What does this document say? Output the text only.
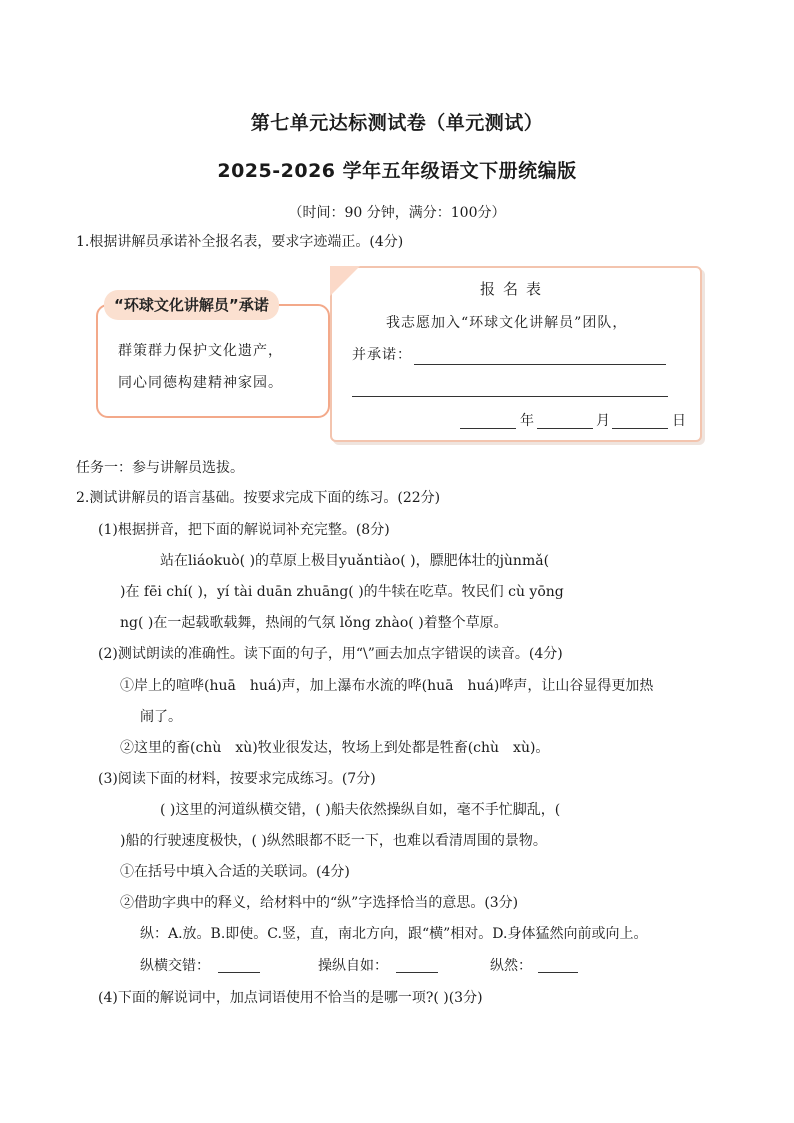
第七单元达标测试卷（单元测试）
2025-2026 学年五年级语文下册统编版
（时间：90 分钟，满分：100分）
1.根据讲解员承诺补全报名表，要求字迹端正。(4分)
“环球文化讲解员”承诺
群策群力保护文化遗产，
同心同德构建精神家园。
报名表
我志愿加入“环球文化讲解员”团队，
并承诺：
年	月	日
任务一：参与讲解员选拔。
2.测试讲解员的语言基础。按要求完成下面的练习。(22分)
(1)根据拼音，把下面的解说词补充完整。(8分)
站在liáokuò( )的草原上极目yuǎntiào( )，膘肥体壮的jùnmǎ(
)在 fēi chí( )，yí tài duān zhuāng( )的牛犊在吃草。牧民们 cù yōng
ng( )在一起载歌载舞，热闹的气氛 lǒng zhào( )着整个草原。
(2)测试朗读的准确性。读下面的句子，用“\”画去加点字错误的读音。(4分)
①岸上的喧哗(huā　huá)声，加上瀑布水流的哗(huā　huá)哗声，让山谷显得更加热
闹了。
②这里的畜(chù　xù)牧业很发达，牧场上到处都是牲畜(chù　xù)。
(3)阅读下面的材料，按要求完成练习。(7分)
( )这里的河道纵横交错，( )船夫依然操纵自如，毫不手忙脚乱，(
)船的行驶速度极快，( )纵然眼都不眨一下，也难以看清周围的景物。
①在括号中填入合适的关联词。(4分)
②借助字典中的释义，给材料中的“纵”字选择恰当的意思。(3分)
纵：A.放。B.即使。C.竖，直，南北方向，跟“横”相对。D.身体猛然向前或向上。
纵横交错：	操纵自如：	纵然：
(4)下面的解说词中，加点词语使用不恰当的是哪一项?( )(3分)
